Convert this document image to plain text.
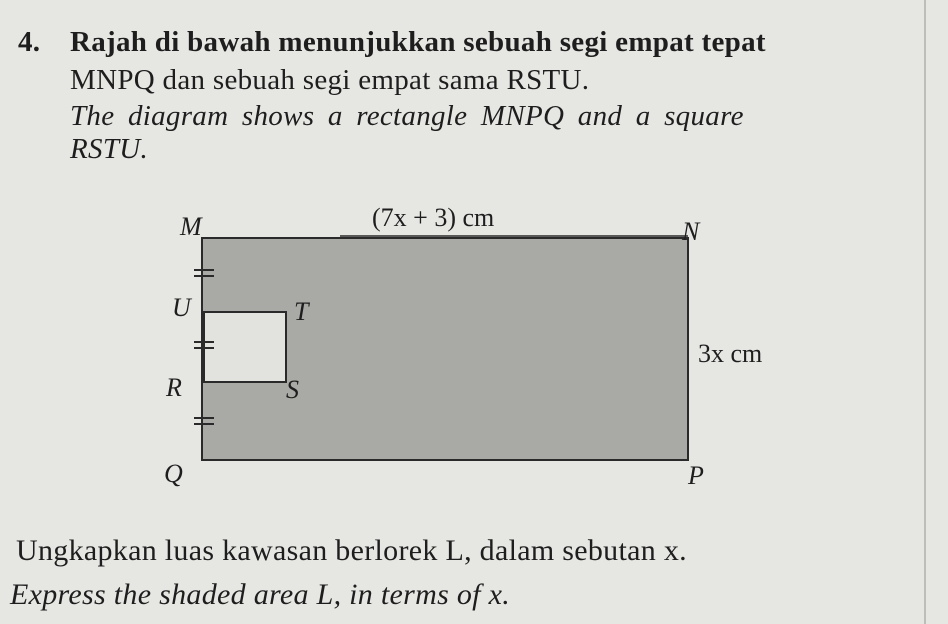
4. Rajah di bawah menunjukkan sebuah segi empat tepat
MNPQ dan sebuah segi empat sama RSTU.
The diagram shows a rectangle MNPQ and a square
RSTU.
M	N
(7x + 3) cm
3x cm
U	T
R	S
Q	P
Ungkapkan luas kawasan berlorek L, dalam sebutan x.
Express the shaded area L, in terms of x.
